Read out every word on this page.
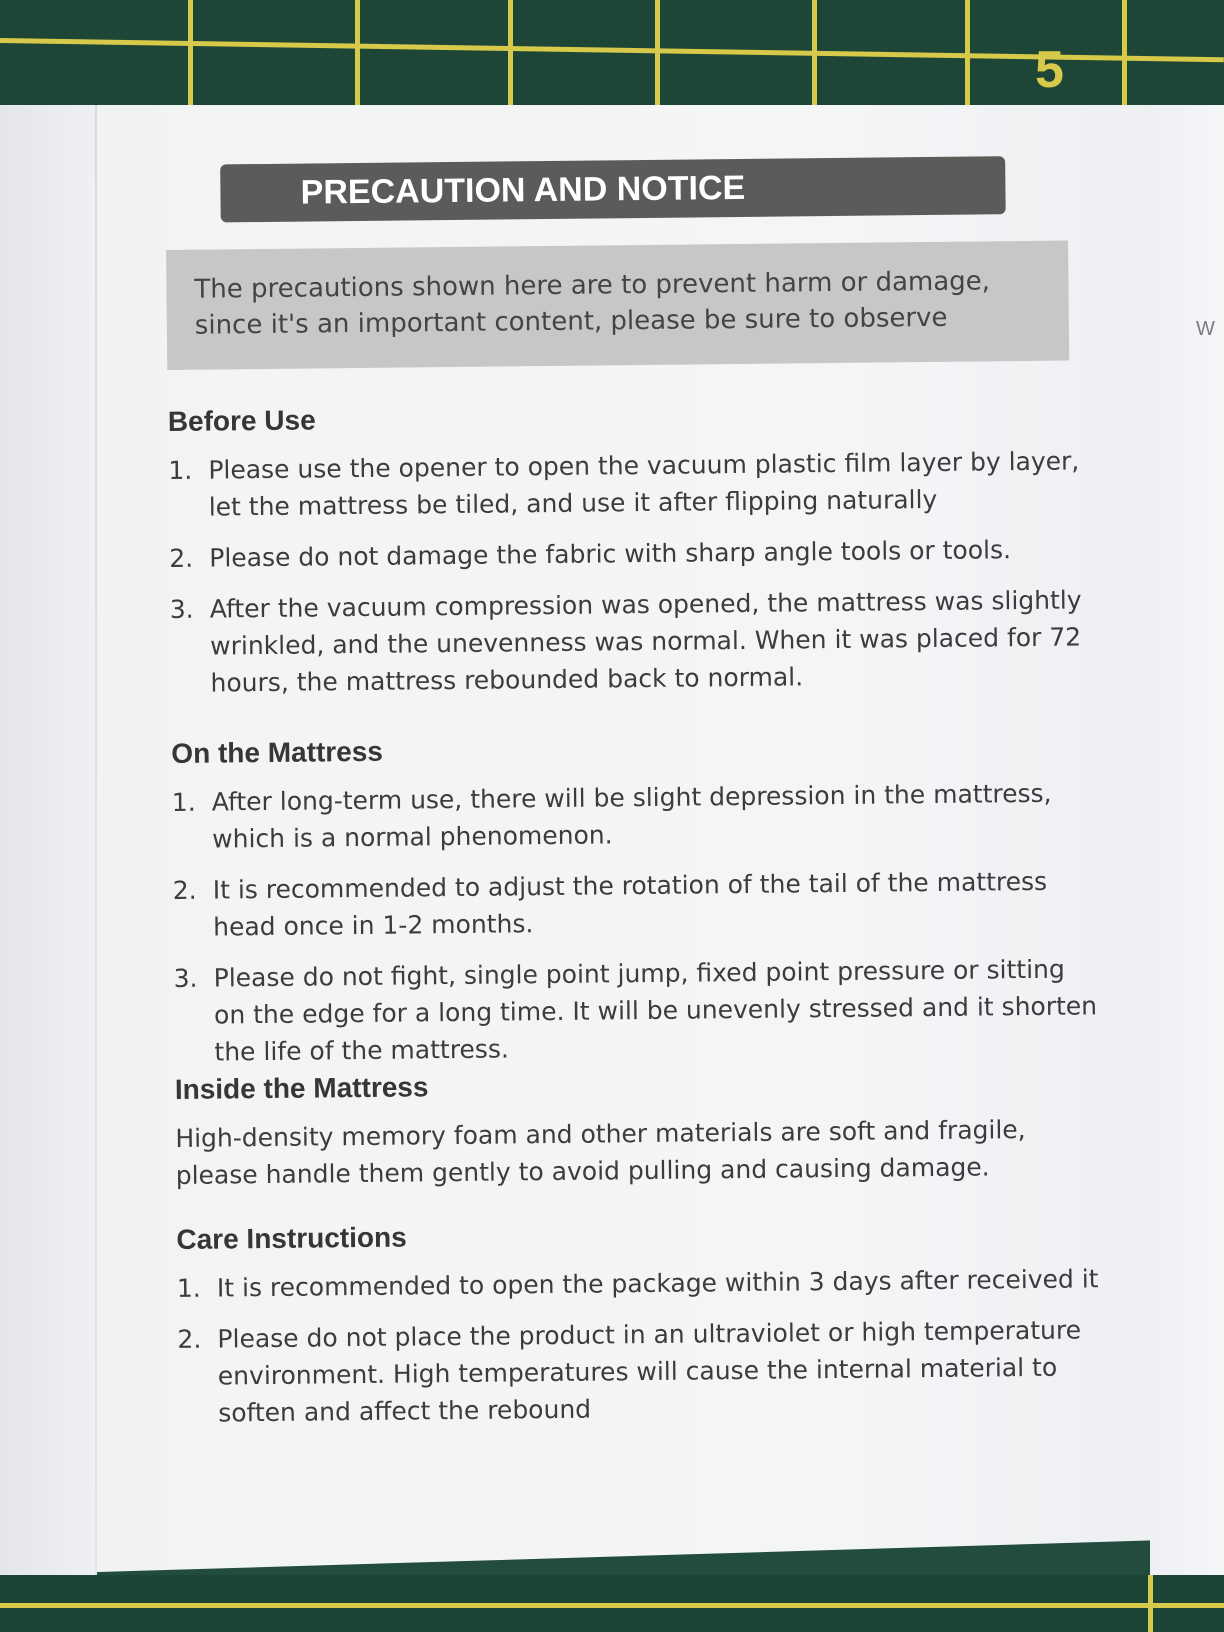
5
W
PRECAUTION AND NOTICE
The precautions shown here are to prevent harm or damage, since it's an important content, please be sure to observe
Before Use
1. Please use the opener to open the vacuum plastic film layer by layer, let the mattress be tiled, and use it after flipping naturally
2. Please do not damage the fabric with sharp angle tools or tools.
3. After the vacuum compression was opened, the mattress was slightly wrinkled, and the unevenness was normal. When it was placed for 72 hours, the mattress rebounded back to normal.
On the Mattress
1. After long-term use, there will be slight depression in the mattress, which is a normal phenomenon.
2. It is recommended to adjust the rotation of the tail of the mattress head once in 1-2 months.
3. Please do not fight, single point jump, fixed point pressure or sitting on the edge for a long time. It will be unevenly stressed and it shorten the life of the mattress.
Inside the Mattress
High-density memory foam and other materials are soft and fragile, please handle them gently to avoid pulling and causing damage.
Care Instructions
1. It is recommended to open the package within 3 days after received it
2. Please do not place the product in an ultraviolet or high temperature environment. High temperatures will cause the internal material to soften and affect the rebound
